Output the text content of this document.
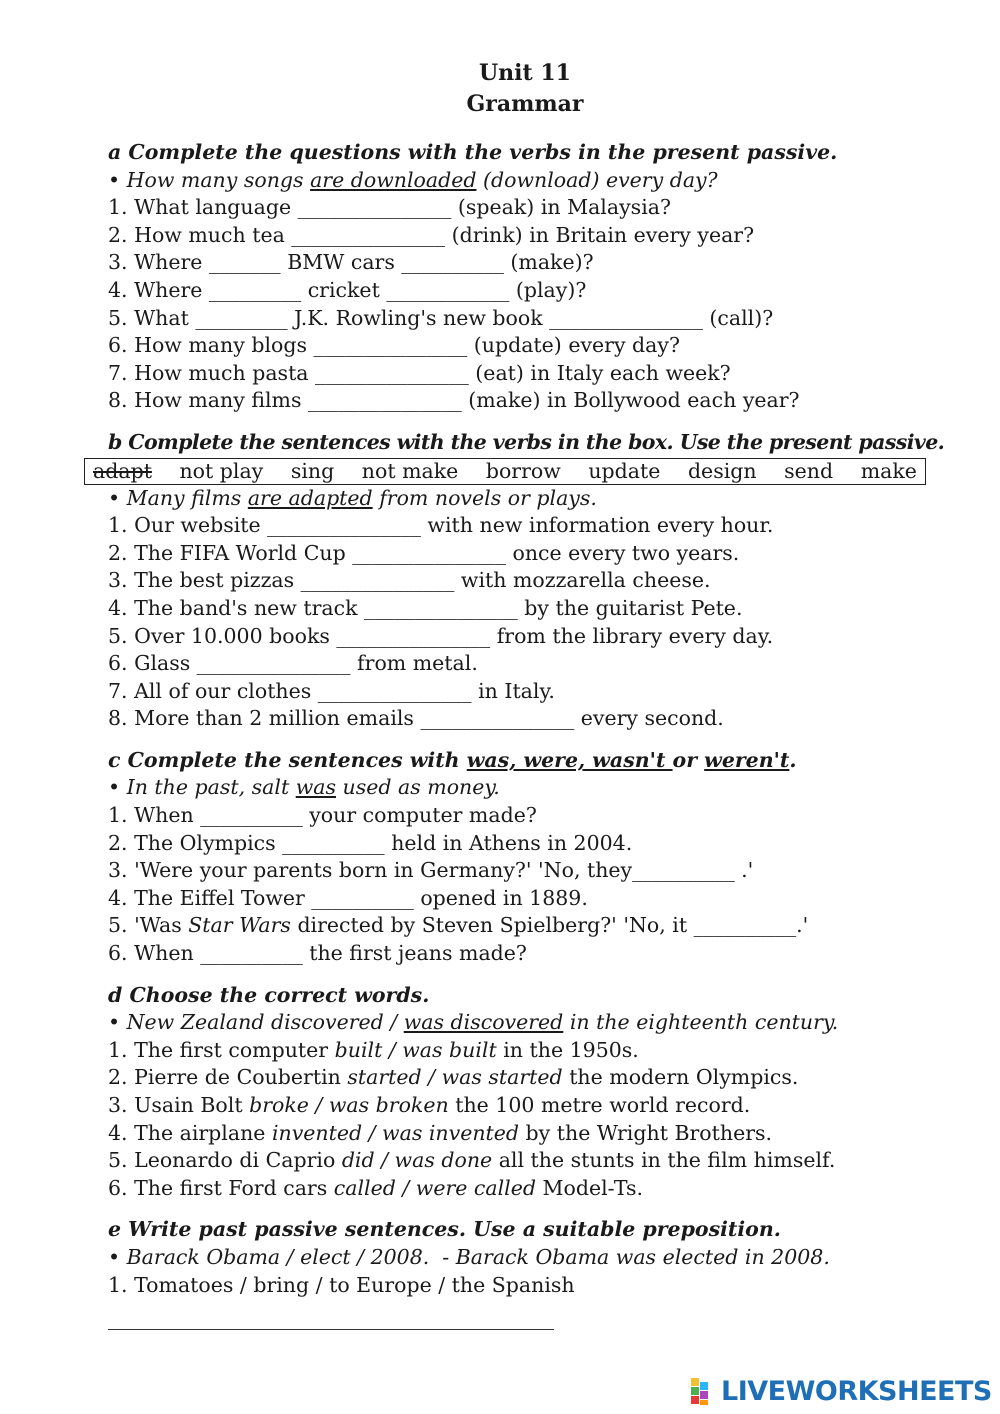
Unit 11
Grammar
a Complete the questions with the verbs in the present passive.
• How many songs are downloaded (download) every day?
1. What language _______________ (speak) in Malaysia?
2. How much tea _______________ (drink) in Britain every year?
3. Where _______ BMW cars __________ (make)?
4. Where _________ cricket ____________ (play)?
5. What _________ J.K. Rowling's new book _______________ (call)?
6. How many blogs _______________ (update) every day?
7. How much pasta _______________ (eat) in Italy each week?
8. How many films _______________ (make) in Bollywood each year?
b Complete the sentences with the verbs in the box. Use the present passive.
adapt not play sing not make borrow update design send make
• Many films are adapted from novels or plays.
1. Our website _______________ with new information every hour.
2. The FIFA World Cup _______________ once every two years.
3. The best pizzas _______________ with mozzarella cheese.
4. The band's new track _______________ by the guitarist Pete.
5. Over 10.000 books _______________ from the library every day.
6. Glass _______________ from metal.
7. All of our clothes _______________ in Italy.
8. More than 2 million emails _______________ every second.
c Complete the sentences with was, were, wasn't or weren't.
• In the past, salt was used as money.
1. When __________ your computer made?
2. The Olympics __________ held in Athens in 2004.
3. 'Were your parents born in Germany?' 'No, they__________ .'
4. The Eiffel Tower __________ opened in 1889.
5. 'Was Star Wars directed by Steven Spielberg?' 'No, it __________.'
6. When __________ the first jeans made?
d Choose the correct words.
• New Zealand discovered / was discovered in the eighteenth century.
1. The first computer built / was built in the 1950s.
2. Pierre de Coubertin started / was started the modern Olympics.
3. Usain Bolt broke / was broken the 100 metre world record.
4. The airplane invented / was invented by the Wright Brothers.
5. Leonardo di Caprio did / was done all the stunts in the film himself.
6. The first Ford cars called / were called Model-Ts.
e Write past passive sentences. Use a suitable preposition.
• Barack Obama / elect / 2008.  - Barack Obama was elected in 2008.
1. Tomatoes / bring / to Europe / the Spanish
LIVEWORKSHEETS
